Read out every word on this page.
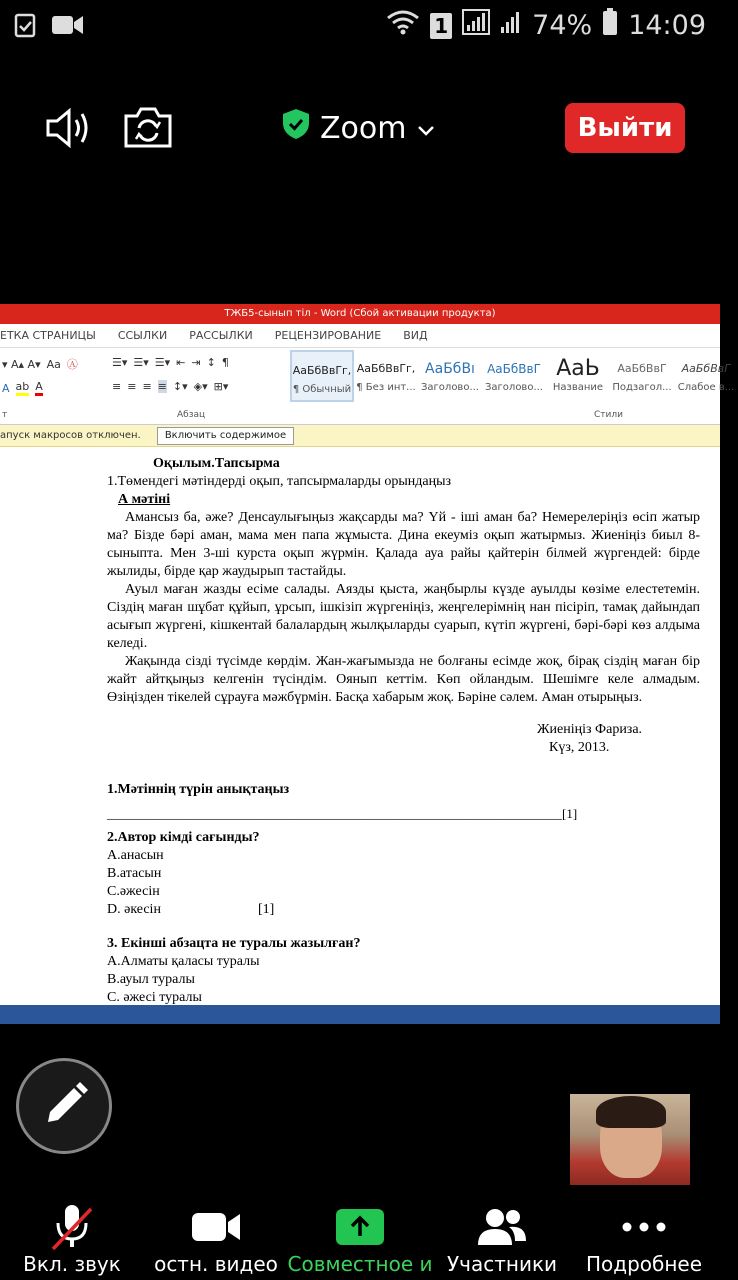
1	74% 14:09
Zoom	Выйти
ТЖБ5-сынып тіл - Word (Сбой активации продукта)
ЕТКА СТРАНИЦЫ ССЫЛКИ РАССЫЛКИ РЕЦЕНЗИРОВАНИЕ ВИД
▾ A▴ A▾ Аа Ⓐ
A ab A
☰▾ ☰▾ ☰▾ ⇤ ⇥ ↕ ¶
≡ ≡ ≡ ≡ ↕▾ ◈▾ ⊞▾
т	Абзац	Стили
АаБбВвГг,
¶ Обычный
АаБбВвГг,
¶ Без инт...
АаБбВı
Заголово...
АаБбВвГ
Заголово...
АаЬ
Название
АаБбВвГ
Подзагол...
АаБбВвГ
Слабое в...
апуск макросов отключен.	Включить содержимое
Оқылым.Тапсырма
1.Төмендегі мәтіндерді оқып, тапсырмаларды орындаңыз
А мәтіні

Амансыз ба, әже? Денсаулығыңыз жақсарды ма? Үй - іші аман ба? Немерелеріңіз өсіп жатыр ма? Бізде бәрі аман, мама мен папа жұмыста. Дина екеуміз оқып жатырмыз. Жиеніңіз биыл 8-сыныпта. Мен 3-ші курста оқып жүрмін. Қалада ауа райы қайтерін білмей жүргендей: бірде жылиды, бірде қар жаудырып тастайды.

Ауыл маған жазды есіме салады. Аязды қыста, жаңбырлы күзде ауылды көзіме елестетемін. Сіздің маған шұбат құйып, ұрсып, ішкізіп жүргеніңіз, жеңгелерімнің нан пісіріп, тамақ дайындап асығып жүргені, кішкентай балалардың жылқыларды суарып, күтіп жүргені, бәрі-бәрі көз алдыма келеді.

Жақында сізді түсімде көрдім. Жан-жағымызда не болғаны есімде жоқ, бірақ сіздің маған бір жайт айтқыңыз келгенін түсіндім. Оянып кеттім. Көп ойландым. Шешімге келе алмадым. Өзіңізден тікелей сұрауға мәжбүрмін. Басқа хабарым жоқ. Бәріне сәлем. Аман отырыңыз.

Жиеніңіз Фариза.
Күз, 2013.
1.Мәтіннің түрін анықтаңыз
______________________________________________________________________[1]
2.Автор кімді сағынды?
А.анасын
В.атасын
С.әжесін
D. әкесін	[1]
3. Екінші абзацта не туралы жазылған?
А.Алматы қаласы туралы
В.ауыл туралы
С. әжесі туралы
Вкл. звук	остн. видео Совместное и Участники	Подробнее
